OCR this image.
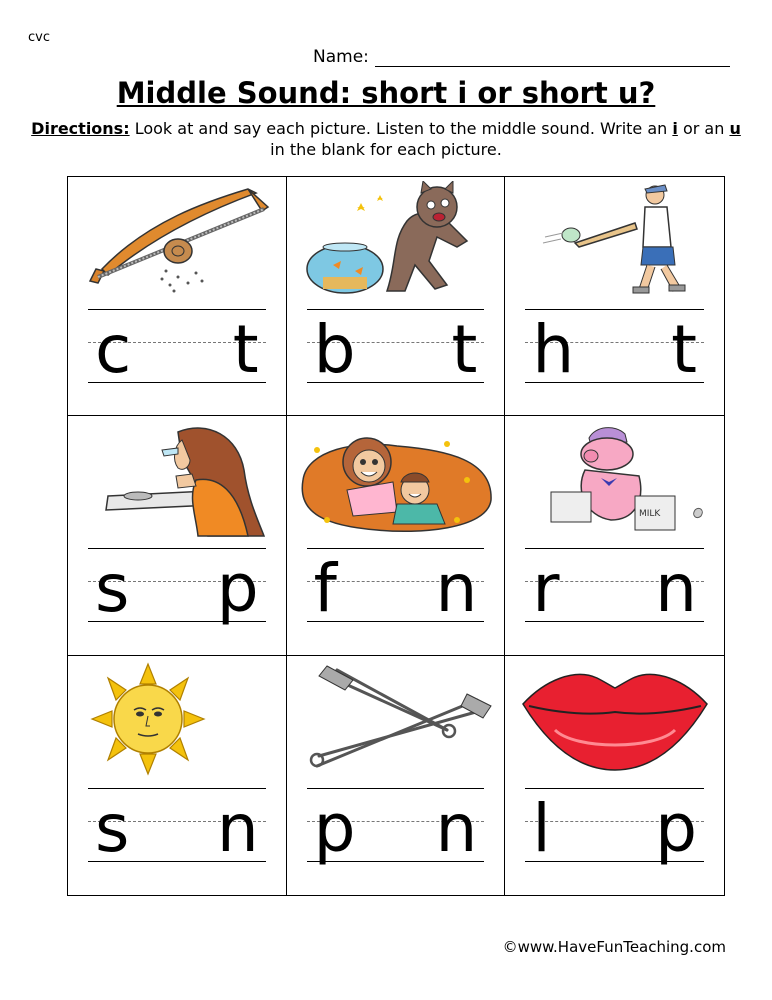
cvc
Name:
Middle Sound: short i or short u?
Directions: Look at and say each picture. Listen to the middle sound. Write an i or an u in the blank for each picture.
c t b t h t
s p f n
MILK
r n
s n p n l p
©www.HaveFunTeaching.com
